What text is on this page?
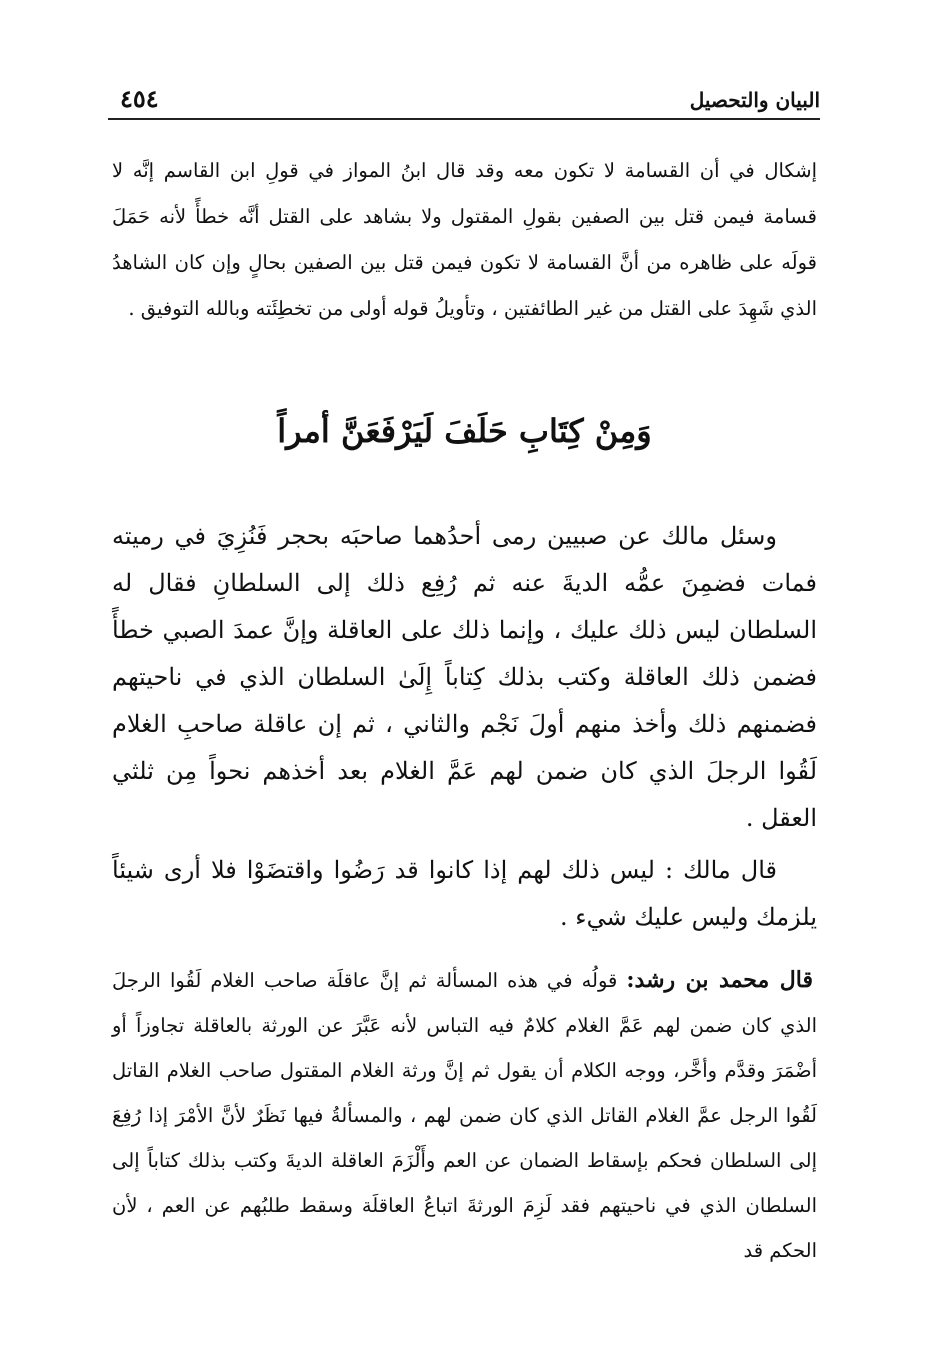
٤٥٤	البيان والتحصيل

إشكال في أن القسامة لا تكون معه وقد قال ابنُ المواز في قولِ ابن القاسم إنَّه لا قسامة فيمن قتل بين الصفين بقولِ المقتول ولا بشاهد على القتل أنَّه خطأً لأنه حَمَلَ قولَه على ظاهره من أنَّ القسامة لا تكون فيمن قتل بين الصفين بحالٍ وإن كان الشاهدُ الذي شَهِدَ على القتل من غير الطائفتين ، وتأويلُ قوله أولى من تخطِئَته وبالله التوفيق .

وَمِنْ كِتَابِ حَلَفَ لَيَرْفَعَنَّ أمراً

وسئل مالك عن صبيين رمى أحدُهما صاحبَه بحجر فَنُزِيَ في رميته فمات فضمِنَ عمُّه الديةَ عنه ثم رُفِع ذلك إلى السلطانِ فقال له السلطان ليس ذلك عليك ، وإنما ذلك على العاقلة وإنَّ عمدَ الصبي خطأً فضمن ذلك العاقلة وكتب بذلك كِتاباً إِلَىٰ السلطان الذي في ناحيتهم فضمنهم ذلك وأخذ منهم أولَ نَجْم والثاني ، ثم إن عاقلة صاحبِ الغلام لَقُوا الرجلَ الذي كان ضمن لهم عَمَّ الغلام بعد أخذهم نحواً مِن ثلثي العقل .

قال مالك : ليس ذلك لهم إذا كانوا قد رَضُوا واقتضَوْا فلا أرى شيئاً يلزمك وليس عليك شيء .

قال محمد بن رشد: قولُه في هذه المسألة ثم إنَّ عاقلَة صاحب الغلام لَقُوا الرجلَ الذي كان ضمن لهم عَمَّ الغلام كلامٌ فيه التباس لأنه عَبَّرَ عن الورثة بالعاقلة تجاوزاً أو أضْمَرَ وقدَّم وأخَّر، ووجه الكلام أن يقول ثم إنَّ ورثة الغلام المقتول صاحب الغلام القاتل لَقُوا الرجل عمَّ الغلام القاتل الذي كان ضمن لهم ، والمسألةُ فيها نَظَرٌ لأنَّ الأمْرَ إذا رُفِعَ إلى السلطان فحكم بإسقاط الضمان عن العم وأَلْزَمَ العاقلة الديةَ وكتب بذلك كتاباً إلى السلطان الذي في ناحيتهم فقد لَزِمَ الورثةَ اتباعُ العاقلَة وسقط طلبُهم عن العم ، لأن الحكم قد
